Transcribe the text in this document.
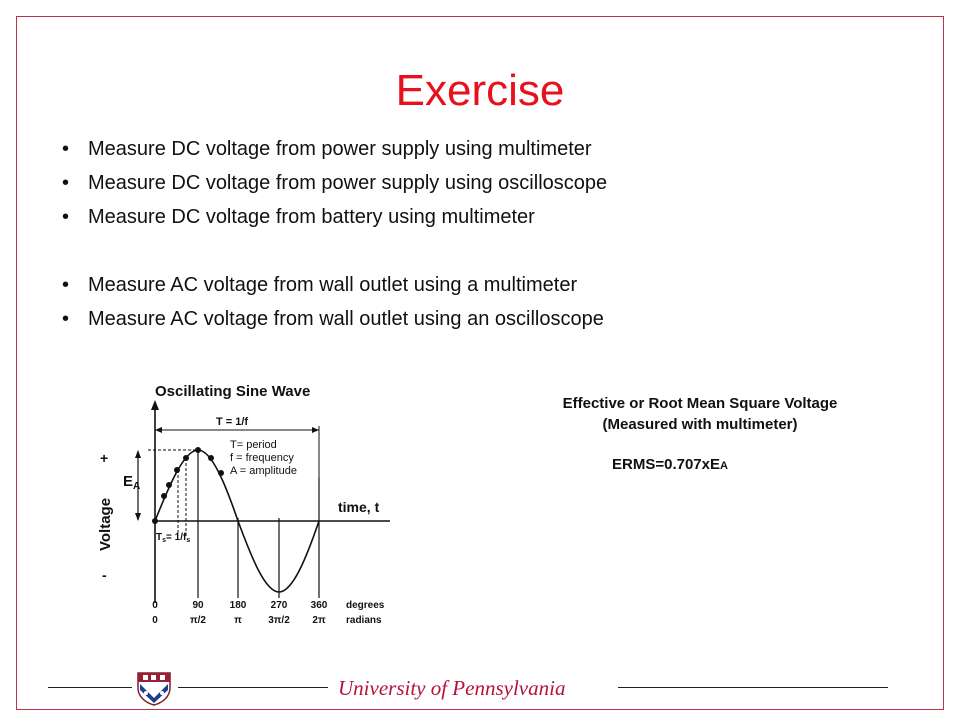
Exercise
• Measure DC voltage from power supply using multimeter
• Measure DC voltage from power supply using oscilloscope
• Measure DC voltage from battery using multimeter
• Measure AC voltage from wall outlet using a multimeter
• Measure AC voltage from wall outlet using an oscilloscope
Oscillating Sine Wave
T = 1/f
$E_A$
$T_s= 1/f_s$
T= period
f = frequency
A = amplitude
time, t
+
-
Voltage
0	90	180 270 360 degrees
0	π/2	π	3π/2 2π radians
Effective or Root Mean Square Voltage
(Measured with multimeter)
ERMS=0.707xEA
University of Pennsylvania
